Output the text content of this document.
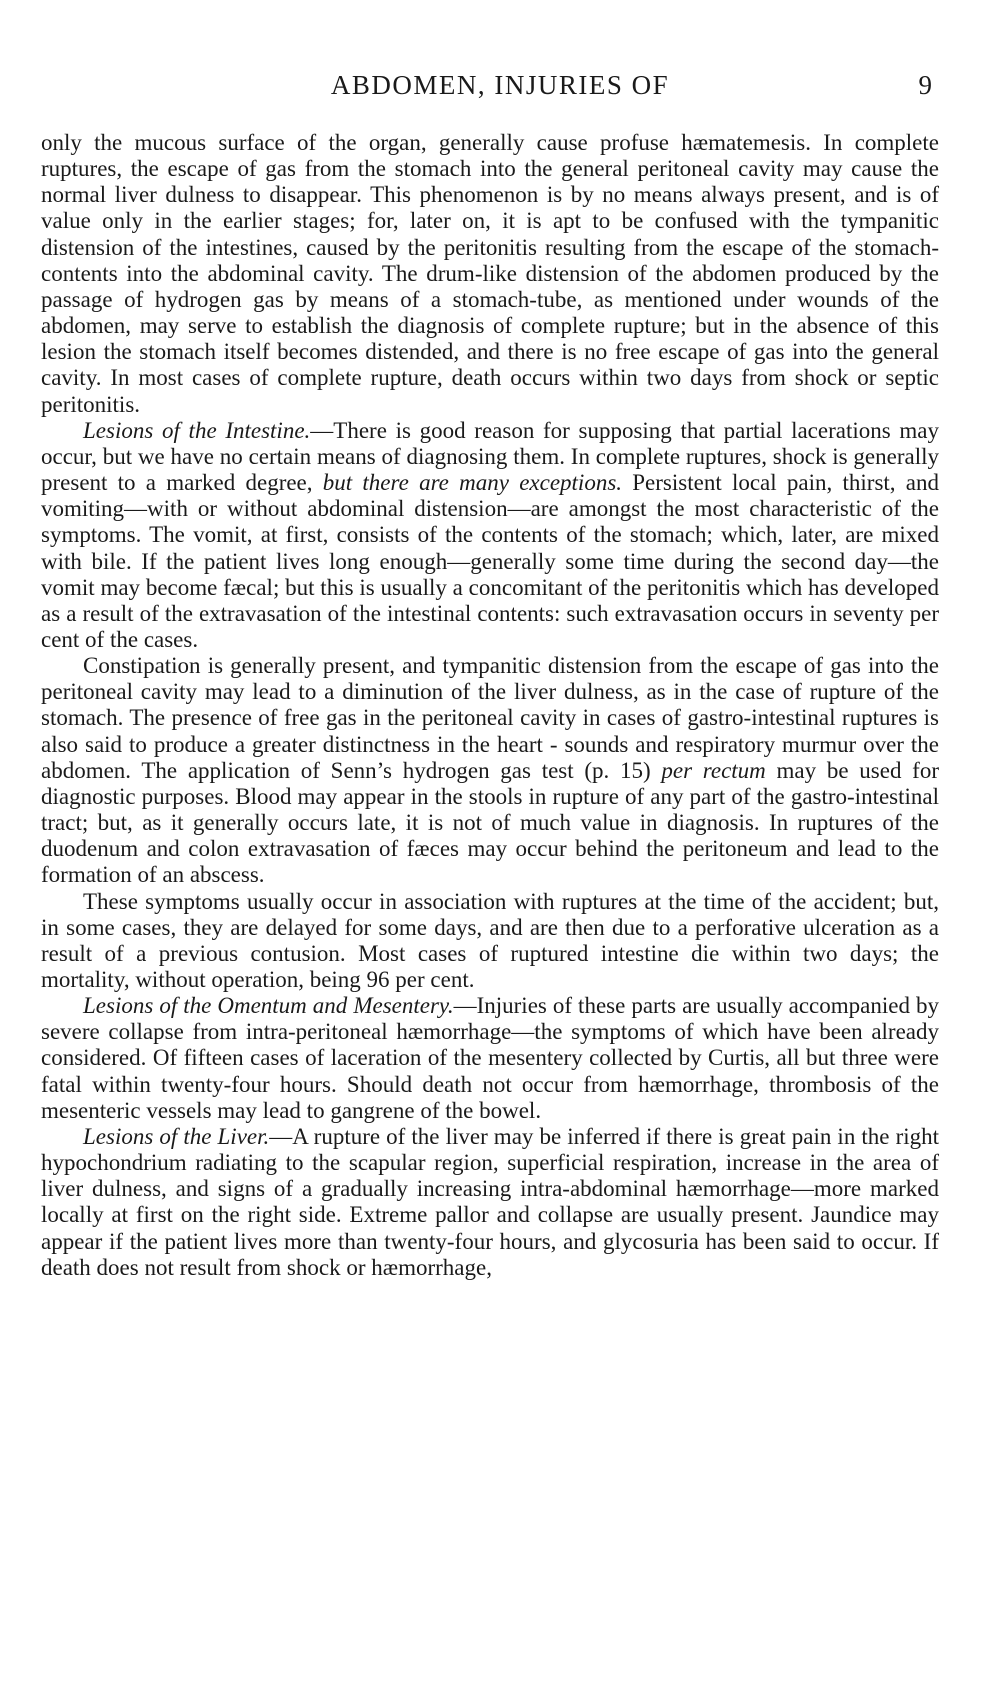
ABDOMEN, INJURIES OF	9

only the mucous surface of the organ, generally cause profuse hæmatemesis. In complete ruptures, the escape of gas from the stomach into the general peritoneal cavity may cause the normal liver dulness to disappear. This phenomenon is by no means always present, and is of value only in the earlier stages; for, later on, it is apt to be confused with the tympanitic distension of the intestines, caused by the peritonitis resulting from the escape of the stomach-contents into the abdominal cavity. The drum-like distension of the abdomen produced by the passage of hydrogen gas by means of a stomach-tube, as mentioned under wounds of the abdomen, may serve to establish the diagnosis of complete rupture; but in the absence of this lesion the stomach itself becomes distended, and there is no free escape of gas into the general cavity. In most cases of complete rupture, death occurs within two days from shock or septic peritonitis.

Lesions of the Intestine.—There is good reason for supposing that partial lacerations may occur, but we have no certain means of diagnosing them. In complete ruptures, shock is generally present to a marked degree, but there are many exceptions. Persistent local pain, thirst, and vomiting—with or without abdominal distension—are amongst the most characteristic of the symptoms. The vomit, at first, consists of the contents of the stomach; which, later, are mixed with bile. If the patient lives long enough—generally some time during the second day—the vomit may become fæcal; but this is usually a concomitant of the peritonitis which has developed as a result of the extravasation of the intestinal contents: such extravasation occurs in seventy per cent of the cases.

Constipation is generally present, and tympanitic distension from the escape of gas into the peritoneal cavity may lead to a diminution of the liver dulness, as in the case of rupture of the stomach. The presence of free gas in the peritoneal cavity in cases of gastro-intestinal ruptures is also said to produce a greater distinctness in the heart - sounds and respiratory murmur over the abdomen. The application of Senn’s hydrogen gas test (p. 15) per rectum may be used for diagnostic purposes. Blood may appear in the stools in rupture of any part of the gastro-intestinal tract; but, as it generally occurs late, it is not of much value in diagnosis. In ruptures of the duodenum and colon extravasation of fæces may occur behind the peritoneum and lead to the formation of an abscess.

These symptoms usually occur in association with ruptures at the time of the accident; but, in some cases, they are delayed for some days, and are then due to a perforative ulceration as a result of a previous contusion. Most cases of ruptured intestine die within two days; the mortality, without operation, being 96 per cent.

Lesions of the Omentum and Mesentery.—Injuries of these parts are usually accompanied by severe collapse from intra-peritoneal hæmorrhage—the symptoms of which have been already considered. Of fifteen cases of laceration of the mesentery collected by Curtis, all but three were fatal within twenty-four hours. Should death not occur from hæmorrhage, thrombosis of the mesenteric vessels may lead to gangrene of the bowel.

Lesions of the Liver.—A rupture of the liver may be inferred if there is great pain in the right hypochondrium radiating to the scapular region, superficial respiration, increase in the area of liver dulness, and signs of a gradually increasing intra-abdominal hæmorrhage—more marked locally at first on the right side. Extreme pallor and collapse are usually present. Jaundice may appear if the patient lives more than twenty-four hours, and glycosuria has been said to occur. If death does not result from shock or hæmorrhage,
